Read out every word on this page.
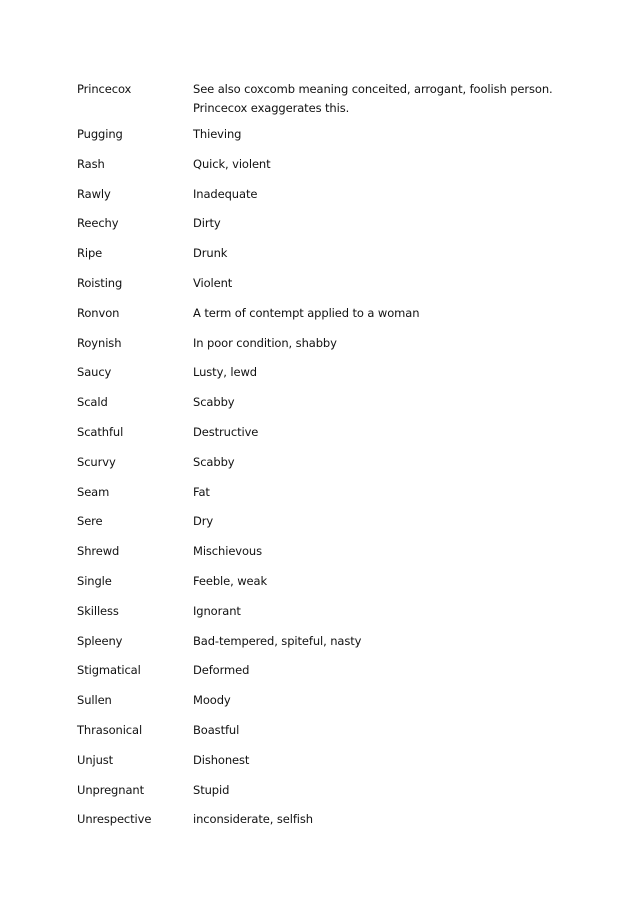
Princecox	See also coxcomb meaning conceited, arrogant, foolish person.
Princecox exaggerates this.
Pugging	Thieving
Rash	Quick, violent
Rawly	Inadequate
Reechy	Dirty
Ripe	Drunk
Roisting	Violent
Ronvon	A term of contempt applied to a woman
Roynish	In poor condition, shabby
Saucy	Lusty, lewd
Scald	Scabby
Scathful	Destructive
Scurvy	Scabby
Seam	Fat
Sere	Dry
Shrewd	Mischievous
Single	Feeble, weak
Skilless	Ignorant
Spleeny	Bad-tempered, spiteful, nasty
Stigmatical	Deformed
Sullen	Moody
Thrasonical	Boastful
Unjust	Dishonest
Unpregnant	Stupid
Unrespective	inconsiderate, selfish
